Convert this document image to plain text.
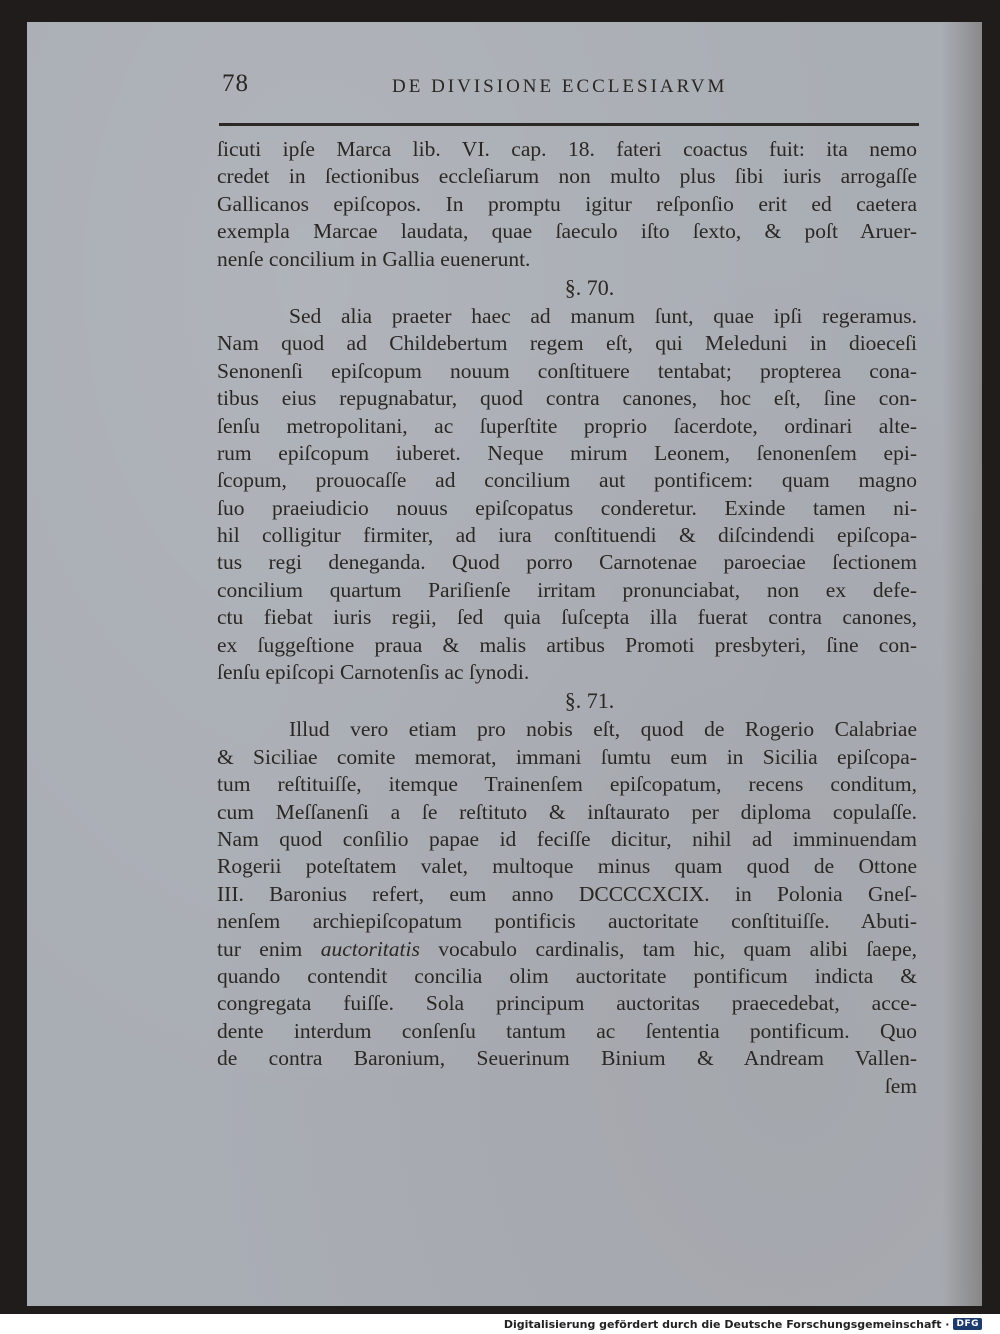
78	DE DIVISIONE ECCLESIARVM
ſicuti ipſe Marca lib. VI. cap. 18. fateri coactus fuit: ita nemo
credet in ſectionibus eccleſiarum non multo plus ſibi iuris arrogaſſe
Gallicanos epiſcopos. In promptu igitur reſponſio erit ed caetera
exempla Marcae laudata, quae ſaeculo iſto ſexto, & poſt Aruer-
nenſe concilium in Gallia euenerunt.
§. 70.
Sed alia praeter haec ad manum ſunt, quae ipſi regeramus.
Nam quod ad Childebertum regem eſt, qui Meleduni in dioeceſi
Senonenſi epiſcopum nouum conſtituere tentabat; propterea cona-
tibus eius repugnabatur, quod contra canones, hoc eſt, ſine con-
ſenſu metropolitani, ac ſuperſtite proprio ſacerdote, ordinari alte-
rum epiſcopum iuberet. Neque mirum Leonem, ſenonenſem epi-
ſcopum, prouocaſſe ad concilium aut pontificem: quam magno
ſuo praeiudicio nouus epiſcopatus conderetur. Exinde tamen ni-
hil colligitur firmiter, ad iura conſtituendi & diſcindendi epiſcopa-
tus regi deneganda. Quod porro Carnotenae paroeciae ſectionem
concilium quartum Pariſienſe irritam pronunciabat, non ex defe-
ctu fiebat iuris regii, ſed quia ſuſcepta illa fuerat contra canones,
ex ſuggeſtione praua & malis artibus Promoti presbyteri, ſine con-
ſenſu epiſcopi Carnotenſis ac ſynodi.
§. 71.
Illud vero etiam pro nobis eſt, quod de Rogerio Calabriae
& Siciliae comite memorat, immani ſumtu eum in Sicilia epiſcopa-
tum reſtituiſſe, itemque Trainenſem epiſcopatum, recens conditum,
cum Meſſanenſi a ſe reſtituto & inſtaurato per diploma copulaſſe.
Nam quod conſilio papae id feciſſe dicitur, nihil ad imminuendam
Rogerii poteſtatem valet, multoque minus quam quod de Ottone
III. Baronius refert, eum anno DCCCCXCIX. in Polonia Gneſ-
nenſem archiepiſcopatum pontificis auctoritate conſtituiſſe. Abuti-
tur enim auctoritatis vocabulo cardinalis, tam hic, quam alibi ſaepe,
quando contendit concilia olim auctoritate pontificum indicta &
congregata fuiſſe. Sola principum auctoritas praecedebat, acce-
dente interdum conſenſu tantum ac ſententia pontificum. Quo
de contra Baronium, Seuerinum Binium & Andream Vallen-
ſem
Digitalisierung gefördert durch die Deutsche Forschungsgemeinschaft · DFG
